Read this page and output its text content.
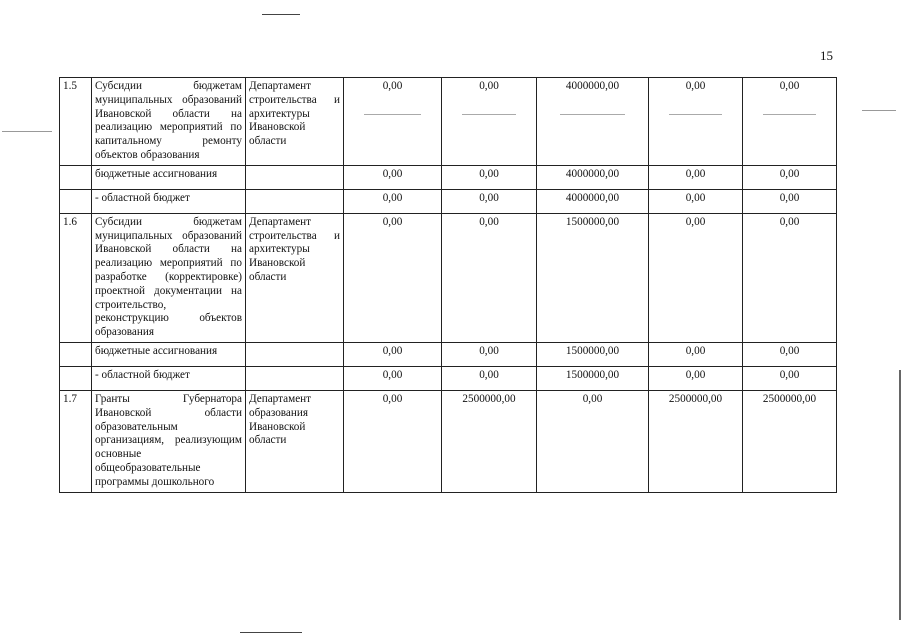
15
1.5	Субсидии бюджетам муниципальных образований Ивановской области на реализацию мероприятий по капитальному ремонту объектов образования	Департамент строительства и архитектуры Ивановской области	0,00	0,00	4000000,00	0,00	0,00

	бюджетные ассигнования		0,00	0,00	4000000,00	0,00	0,00
	- областной бюджет		0,00	0,00	4000000,00	0,00	0,00
1.6	Субсидии бюджетам муниципальных образований Ивановской области на реализацию мероприятий по разработке (корректировке) проектной документации на строительство, реконструкцию объектов образования	Департамент строительства и архитектуры Ивановской области	0,00	0,00	1500000,00	0,00	0,00
	бюджетные ассигнования		0,00	0,00	1500000,00	0,00	0,00
	- областной бюджет		0,00	0,00	1500000,00	0,00	0,00
1.7	Гранты Губернатора Ивановской области образовательным организациям, реализующим основные общеобразовательные программы дошкольного	Департамент образования Ивановской области	0,00	2500000,00	0,00	2500000,00	2500000,00
